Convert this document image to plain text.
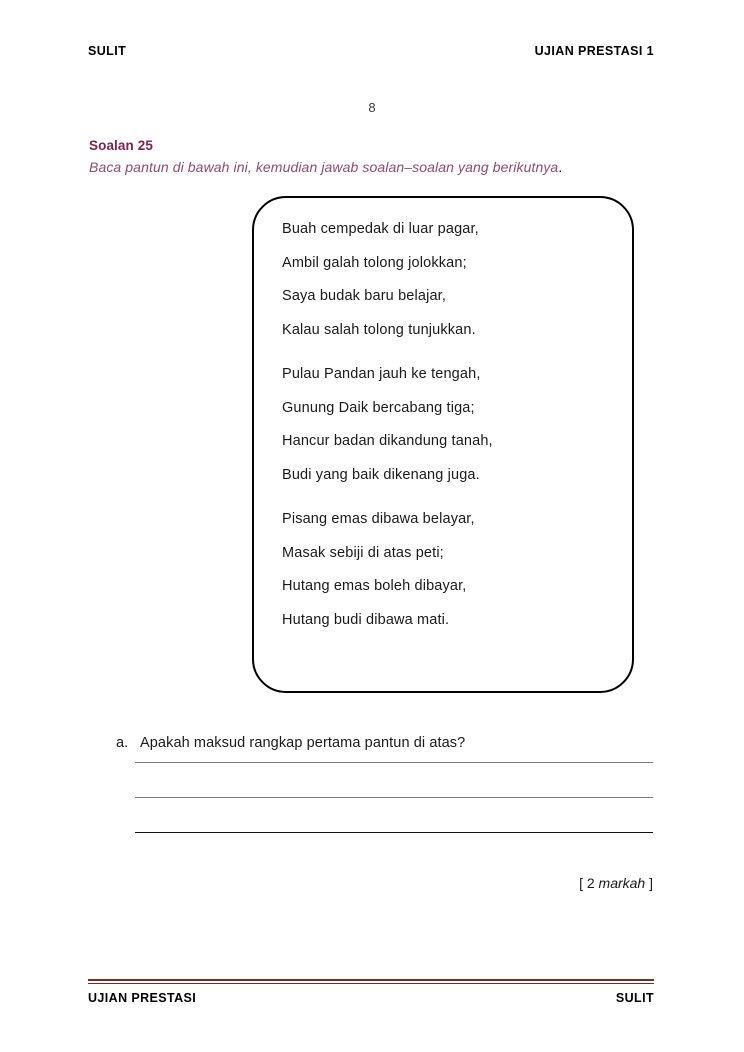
SULIT	UJIAN PRESTASI 1
8
Soalan 25
Baca pantun di bawah ini, kemudian jawab soalan–soalan yang berikutnya.
Buah cempedak di luar pagar,
Ambil galah tolong jolokkan;
Saya budak baru belajar,
Kalau salah tolong tunjukkan.
Pulau Pandan jauh ke tengah,
Gunung Daik bercabang tiga;
Hancur badan dikandung tanah,
Budi yang baik dikenang juga.
Pisang emas dibawa belayar,
Masak sebiji di atas peti;
Hutang emas boleh dibayar,
Hutang budi dibawa mati.
a. Apakah maksud rangkap pertama pantun di atas?
[ 2 markah ]
UJIAN PRESTASI	SULIT
